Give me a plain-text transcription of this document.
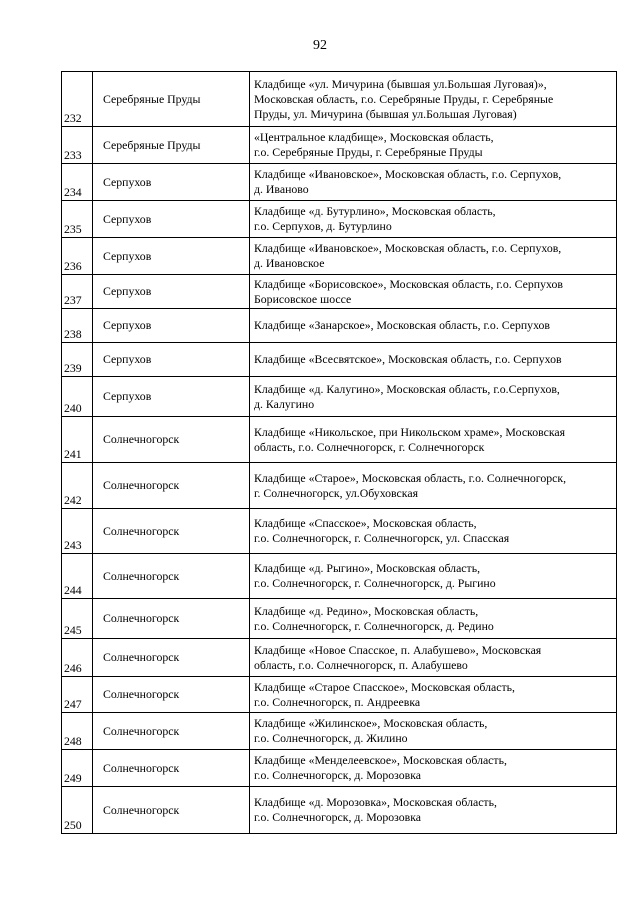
92
232	Серебряные Пруды	Кладбище «ул. Мичурина (бывшая ул.Большая Луговая)»,
Московская область, г.о. Серебряные Пруды, г. Серебряные
Пруды, ул. Мичурина (бывшая ул.Большая Луговая)

233	Серебряные Пруды	«Центральное кладбище», Московская область,
г.о. Серебряные Пруды, г. Серебряные Пруды

234	Серпухов	Кладбище «Ивановское», Московская область, г.о. Серпухов,
д. Иваново

235	Серпухов	Кладбище «д. Бутурлино», Московская область,
г.о. Серпухов, д. Бутурлино

236	Серпухов	Кладбище «Ивановское», Московская область, г.о. Серпухов,
д. Ивановское

237	Серпухов	Кладбище «Борисовское», Московская область, г.о. Серпухов
Борисовское шоссе

238	Серпухов	Кладбище «Занарское», Московская область, г.о. Серпухов

239	Серпухов	Кладбище «Всесвятское», Московская область, г.о. Серпухов

240	Серпухов	Кладбище «д. Калугино», Московская область, г.о.Серпухов,
д. Калугино

241	Солнечногорск	Кладбище «Никольское, при Никольском храме», Московская
область, г.о. Солнечногорск, г. Солнечногорск

242	Солнечногорск	Кладбище «Старое», Московская область, г.о. Солнечногорск,
г. Солнечногорск, ул.Обуховская

243	Солнечногорск	Кладбище «Спасское», Московская область,
г.о. Солнечногорск, г. Солнечногорск, ул. Спасская

244	Солнечногорск	Кладбище «д. Рыгино», Московская область,
г.о. Солнечногорск, г. Солнечногорск, д. Рыгино

245	Солнечногорск	Кладбище «д. Редино», Московская область,
г.о. Солнечногорск, г. Солнечногорск, д. Редино

246	Солнечногорск	Кладбище «Новое Спасское, п. Алабушево», Московская
область, г.о. Солнечногорск, п. Алабушево

247	Солнечногорск	Кладбище «Старое Спасское», Московская область,
г.о. Солнечногорск, п. Андреевка

248	Солнечногорск	Кладбище «Жилинское», Московская область,
г.о. Солнечногорск, д. Жилино

249	Солнечногорск	Кладбище «Менделеевское», Московская область,
г.о. Солнечногорск, д. Морозовка

250	Солнечногорск	Кладбище «д. Морозовка», Московская область,
г.о. Солнечногорск, д. Морозовка
